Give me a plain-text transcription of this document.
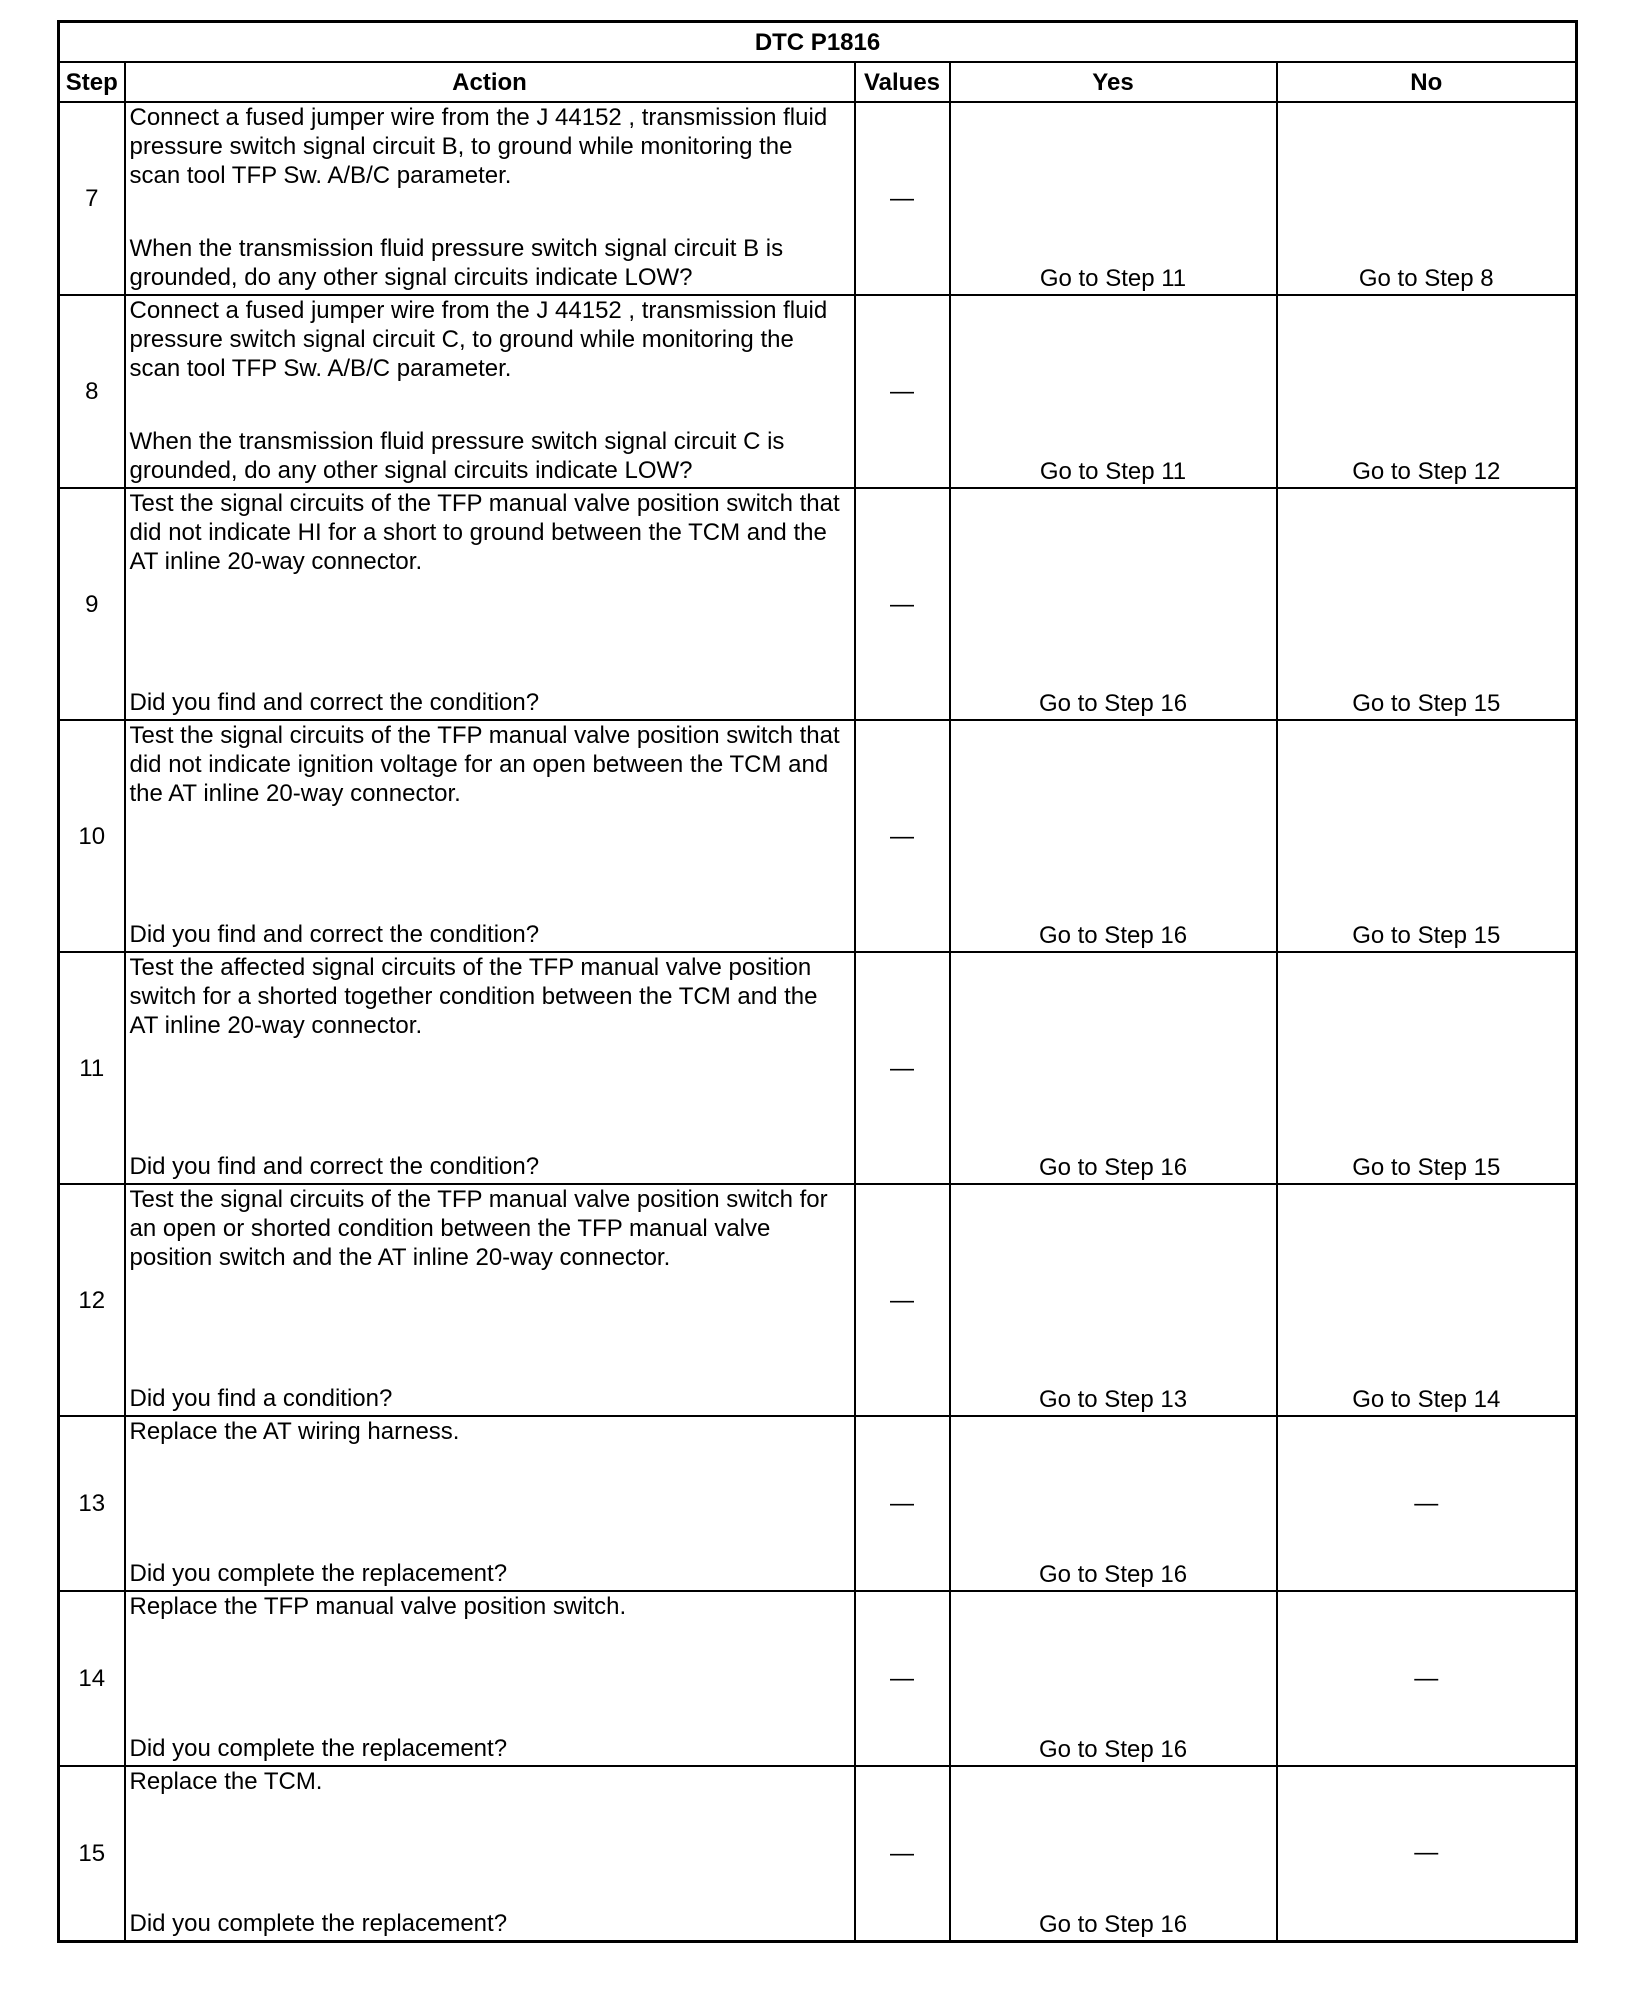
DTC P1816				
Step	Action	Values	Yes	No
7	Connect a fused jumper wire from the J 44152 , transmission fluid pressure switch signal circuit B, to ground while monitoring the scan tool TFP Sw. A/B/C parameter.
When the transmission fluid pressure switch signal circuit B is grounded, do any other signal circuits indicate LOW?	—	Go to Step 11	Go to Step 8
8	Connect a fused jumper wire from the J 44152 , transmission fluid pressure switch signal circuit C, to ground while monitoring the scan tool TFP Sw. A/B/C parameter.
When the transmission fluid pressure switch signal circuit C is grounded, do any other signal circuits indicate LOW?	—	Go to Step 11	Go to Step 12
9	Test the signal circuits of the TFP manual valve position switch that did not indicate HI for a short to ground between the TCM and the AT inline 20-way connector.
Did you find and correct the condition?	—	Go to Step 16	Go to Step 15
10	Test the signal circuits of the TFP manual valve position switch that did not indicate ignition voltage for an open between the TCM and the AT inline 20-way connector.
Did you find and correct the condition?	—	Go to Step 16	Go to Step 15
11	Test the affected signal circuits of the TFP manual valve position switch for a shorted together condition between the TCM and the AT inline 20-way connector.
Did you find and correct the condition?	—	Go to Step 16	Go to Step 15
12	Test the signal circuits of the TFP manual valve position switch for an open or shorted condition between the TFP manual valve position switch and the AT inline 20-way connector.
Did you find a condition?	—	Go to Step 13	Go to Step 14
13	Replace the AT wiring harness.
Did you complete the replacement?	—	Go to Step 16	—
14	Replace the TFP manual valve position switch.
Did you complete the replacement?	—	Go to Step 16	—
15	Replace the TCM.
Did you complete the replacement?	—	Go to Step 16	—
